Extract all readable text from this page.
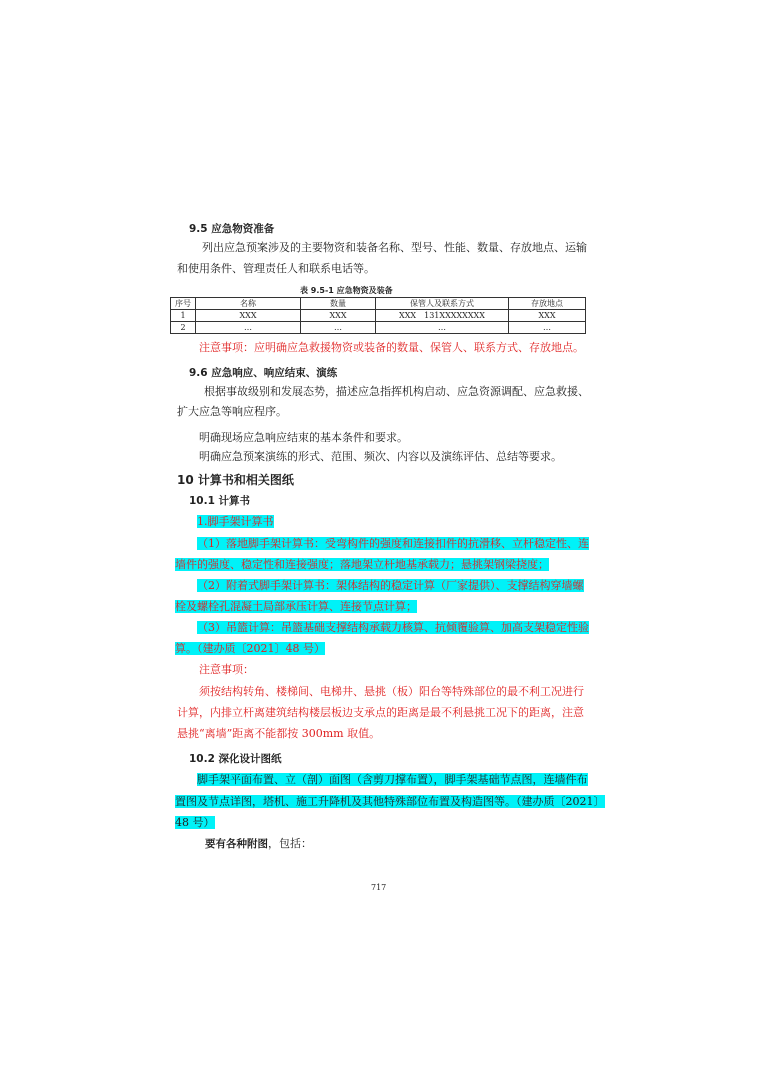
9.5 应急物资准备
列出应急预案涉及的主要物资和装备名称、型号、性能、数量、存放地点、运输
和使用条件、管理责任人和联系电话等。
表 9.5-1 应急物资及装备
序号	名称	数量	保管人及联系方式	存放地点
1	XXX	XXX	XXX　131XXXXXXXX	XXX
2	…	…	…	…
注意事项：应明确应急救援物资或装备的数量、保管人、联系方式、存放地点。
9.6 应急响应、响应结束、演练
根据事故级别和发展态势，描述应急指挥机构启动、应急资源调配、应急救援、
扩大应急等响应程序。
明确现场应急响应结束的基本条件和要求。
明确应急预案演练的形式、范围、频次、内容以及演练评估、总结等要求。
10 计算书和相关图纸
10.1 计算书
1.脚手架计算书
（1）落地脚手架计算书：受弯构件的强度和连接扣件的抗滑移、立杆稳定性、连
墙件的强度、稳定性和连接强度；落地架立杆地基承载力；悬挑架钢梁挠度；
（2）附着式脚手架计算书：架体结构的稳定计算（厂家提供）、支撑结构穿墙螺
栓及螺栓孔混凝土局部承压计算、连接节点计算；
（3）吊篮计算：吊篮基础支撑结构承载力核算、抗倾覆验算、加高支架稳定性验
算。（建办质〔2021〕48 号）
注意事项：
须按结构转角、楼梯间、电梯井、悬挑（板）阳台等特殊部位的最不利工况进行
计算，内排立杆离建筑结构楼层板边支承点的距离是最不利悬挑工况下的距离，注意
悬挑“离墙”距离不能都按 300mm 取值。
10.2 深化设计图纸
脚手架平面布置、立（剖）面图（含剪刀撑布置），脚手架基础节点图，连墙件布
置图及节点详图，塔机、施工升降机及其他特殊部位布置及构造图等。（建办质〔2021〕
48 号）
要有各种附图，包括：
717
